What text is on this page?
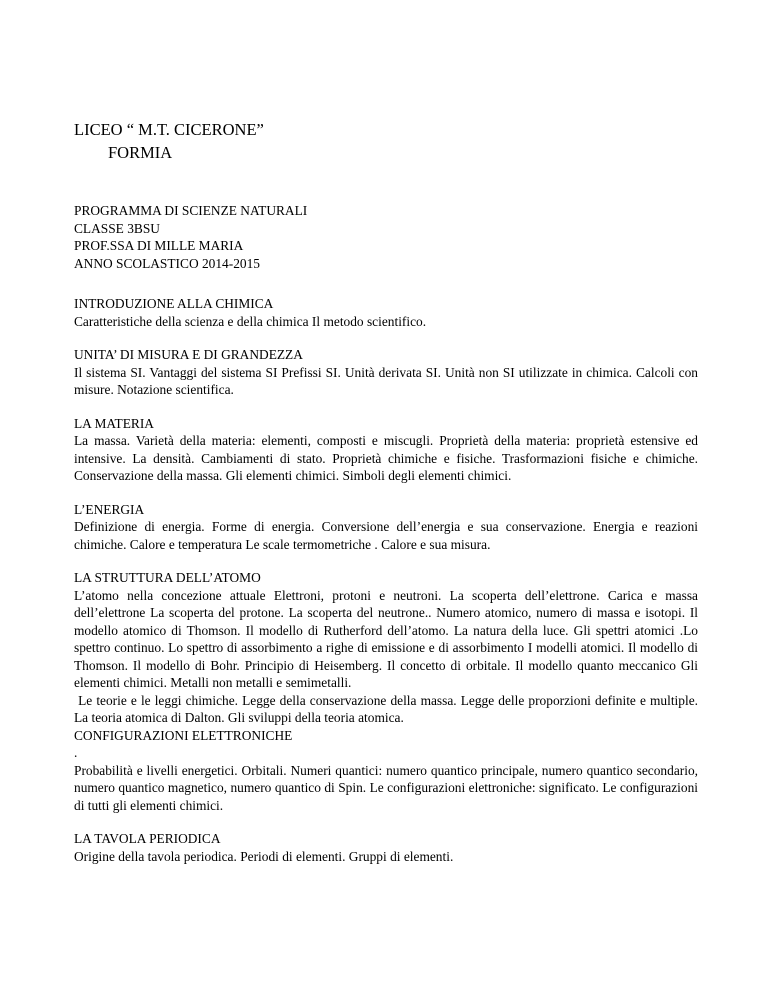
LICEO “ M.T. CICERONE”
FORMIA
PROGRAMMA DI SCIENZE NATURALI
CLASSE 3BSU
PROF.SSA DI MILLE MARIA
ANNO SCOLASTICO 2014-2015
INTRODUZIONE ALLA CHIMICA
Caratteristiche della scienza e della chimica Il metodo scientifico.
UNITA’ DI MISURA E DI GRANDEZZA
Il sistema SI. Vantaggi del sistema SI Prefissi SI. Unità derivata SI. Unità non SI utilizzate in chimica. Calcoli con misure. Notazione scientifica.
LA MATERIA
La massa. Varietà della materia: elementi, composti e miscugli. Proprietà della materia: proprietà estensive ed intensive. La densità. Cambiamenti di stato. Proprietà chimiche e fisiche. Trasformazioni fisiche e chimiche. Conservazione della massa. Gli elementi chimici. Simboli degli elementi chimici.
L’ENERGIA
Definizione di energia. Forme di energia. Conversione dell’energia e sua conservazione. Energia e reazioni chimiche. Calore e temperatura Le scale termometriche . Calore e sua misura.
LA STRUTTURA DELL’ATOMO

L’atomo nella concezione attuale Elettroni, protoni e neutroni. La scoperta dell’elettrone. Carica e massa dell’elettrone La scoperta del protone. La scoperta del neutrone.. Numero atomico, numero di massa e isotopi. Il modello atomico di Thomson. Il modello di Rutherford dell’atomo. La natura della luce. Gli spettri atomici .Lo spettro continuo. Lo spettro di assorbimento a righe di emissione e di assorbimento I modelli atomici. Il modello di Thomson. Il modello di Bohr. Principio di Heisemberg. Il concetto di orbitale. Il modello quanto meccanico Gli elementi chimici. Metalli non metalli e semimetalli.

Le teorie e le leggi chimiche. Legge della conservazione della massa. Legge delle proporzioni definite e multiple. La teoria atomica di Dalton. Gli sviluppi della teoria atomica.

CONFIGURAZIONI ELETTRONICHE
.
Probabilità e livelli energetici. Orbitali. Numeri quantici: numero quantico principale, numero quantico secondario, numero quantico magnetico, numero quantico di Spin. Le configurazioni elettroniche: significato. Le configurazioni di tutti gli elementi chimici.
LA TAVOLA PERIODICA
Origine della tavola periodica. Periodi di elementi. Gruppi di elementi.
